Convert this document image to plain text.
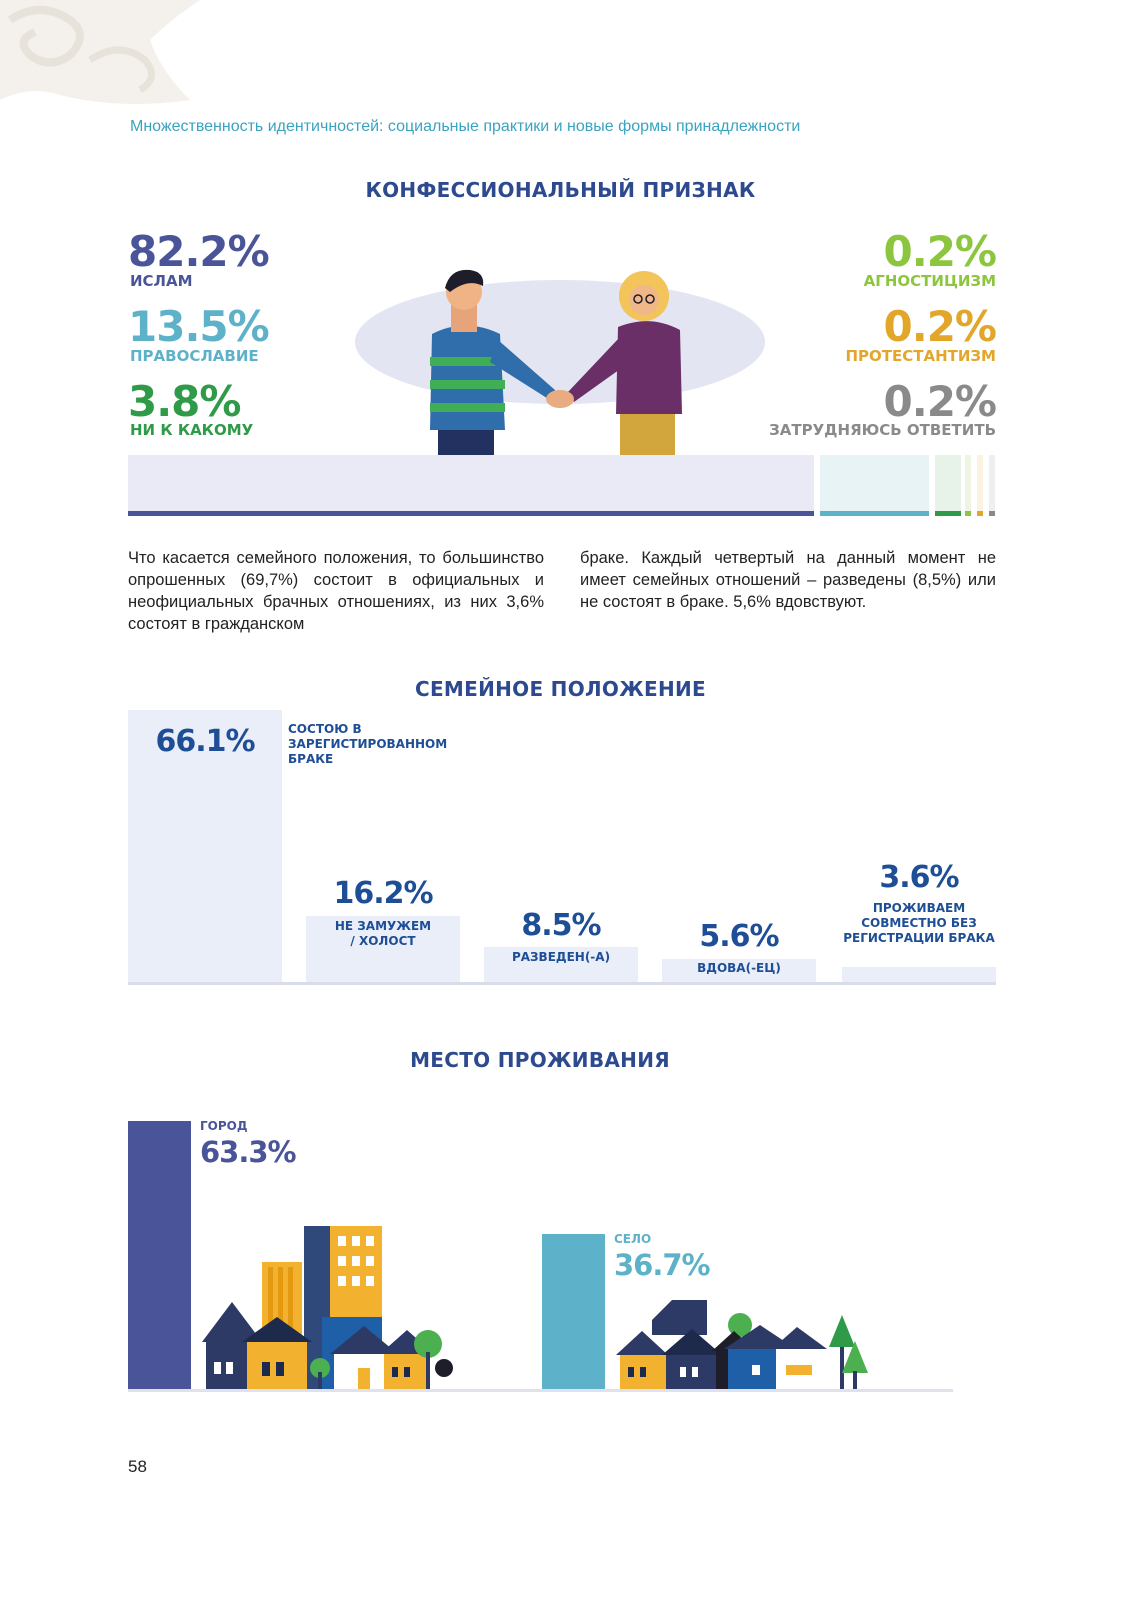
Множественность идентичностей: социальные практики и новые формы принадлежности
КОНФЕССИОНАЛЬНЫЙ ПРИЗНАК
82.2%
ИСЛАМ
13.5%
ПРАВОСЛАВИЕ
3.8%
НИ К КАКОМУ
0.2%
АГНОСТИЦИЗМ
0.2%
ПРОТЕСТАНТИЗМ
0.2%
ЗАТРУДНЯЮСЬ ОТВЕТИТЬ
Что касается семейного положения, то большинство опрошенных (69,7%) состоит в официальных и неофициальных брачных отношениях, из них 3,6% состоят в гражданском
браке. Каждый четвертый на данный момент не имеет семейных отношений – разведены (8,5%) или не состоят в браке. 5,6% вдовствуют.
СЕМЕЙНОЕ ПОЛОЖЕНИЕ
66.1%	СОСТОЮ В ЗАРЕГИСТИРОВАННОМ БРАКЕ
16.2%
НЕ ЗАМУЖЕМ / ХОЛОСТ	8.5%
РАЗВЕДЕН(-А)
5.6%
ВДОВА(-ЕЦ)
3.6%
ПРОЖИВАЕМ СОВМЕСТНО БЕЗ РЕГИСТРАЦИИ БРАКА
МЕСТО ПРОЖИВАНИЯ
ГОРОД
63.3%
СЕЛО
36.7%
58
